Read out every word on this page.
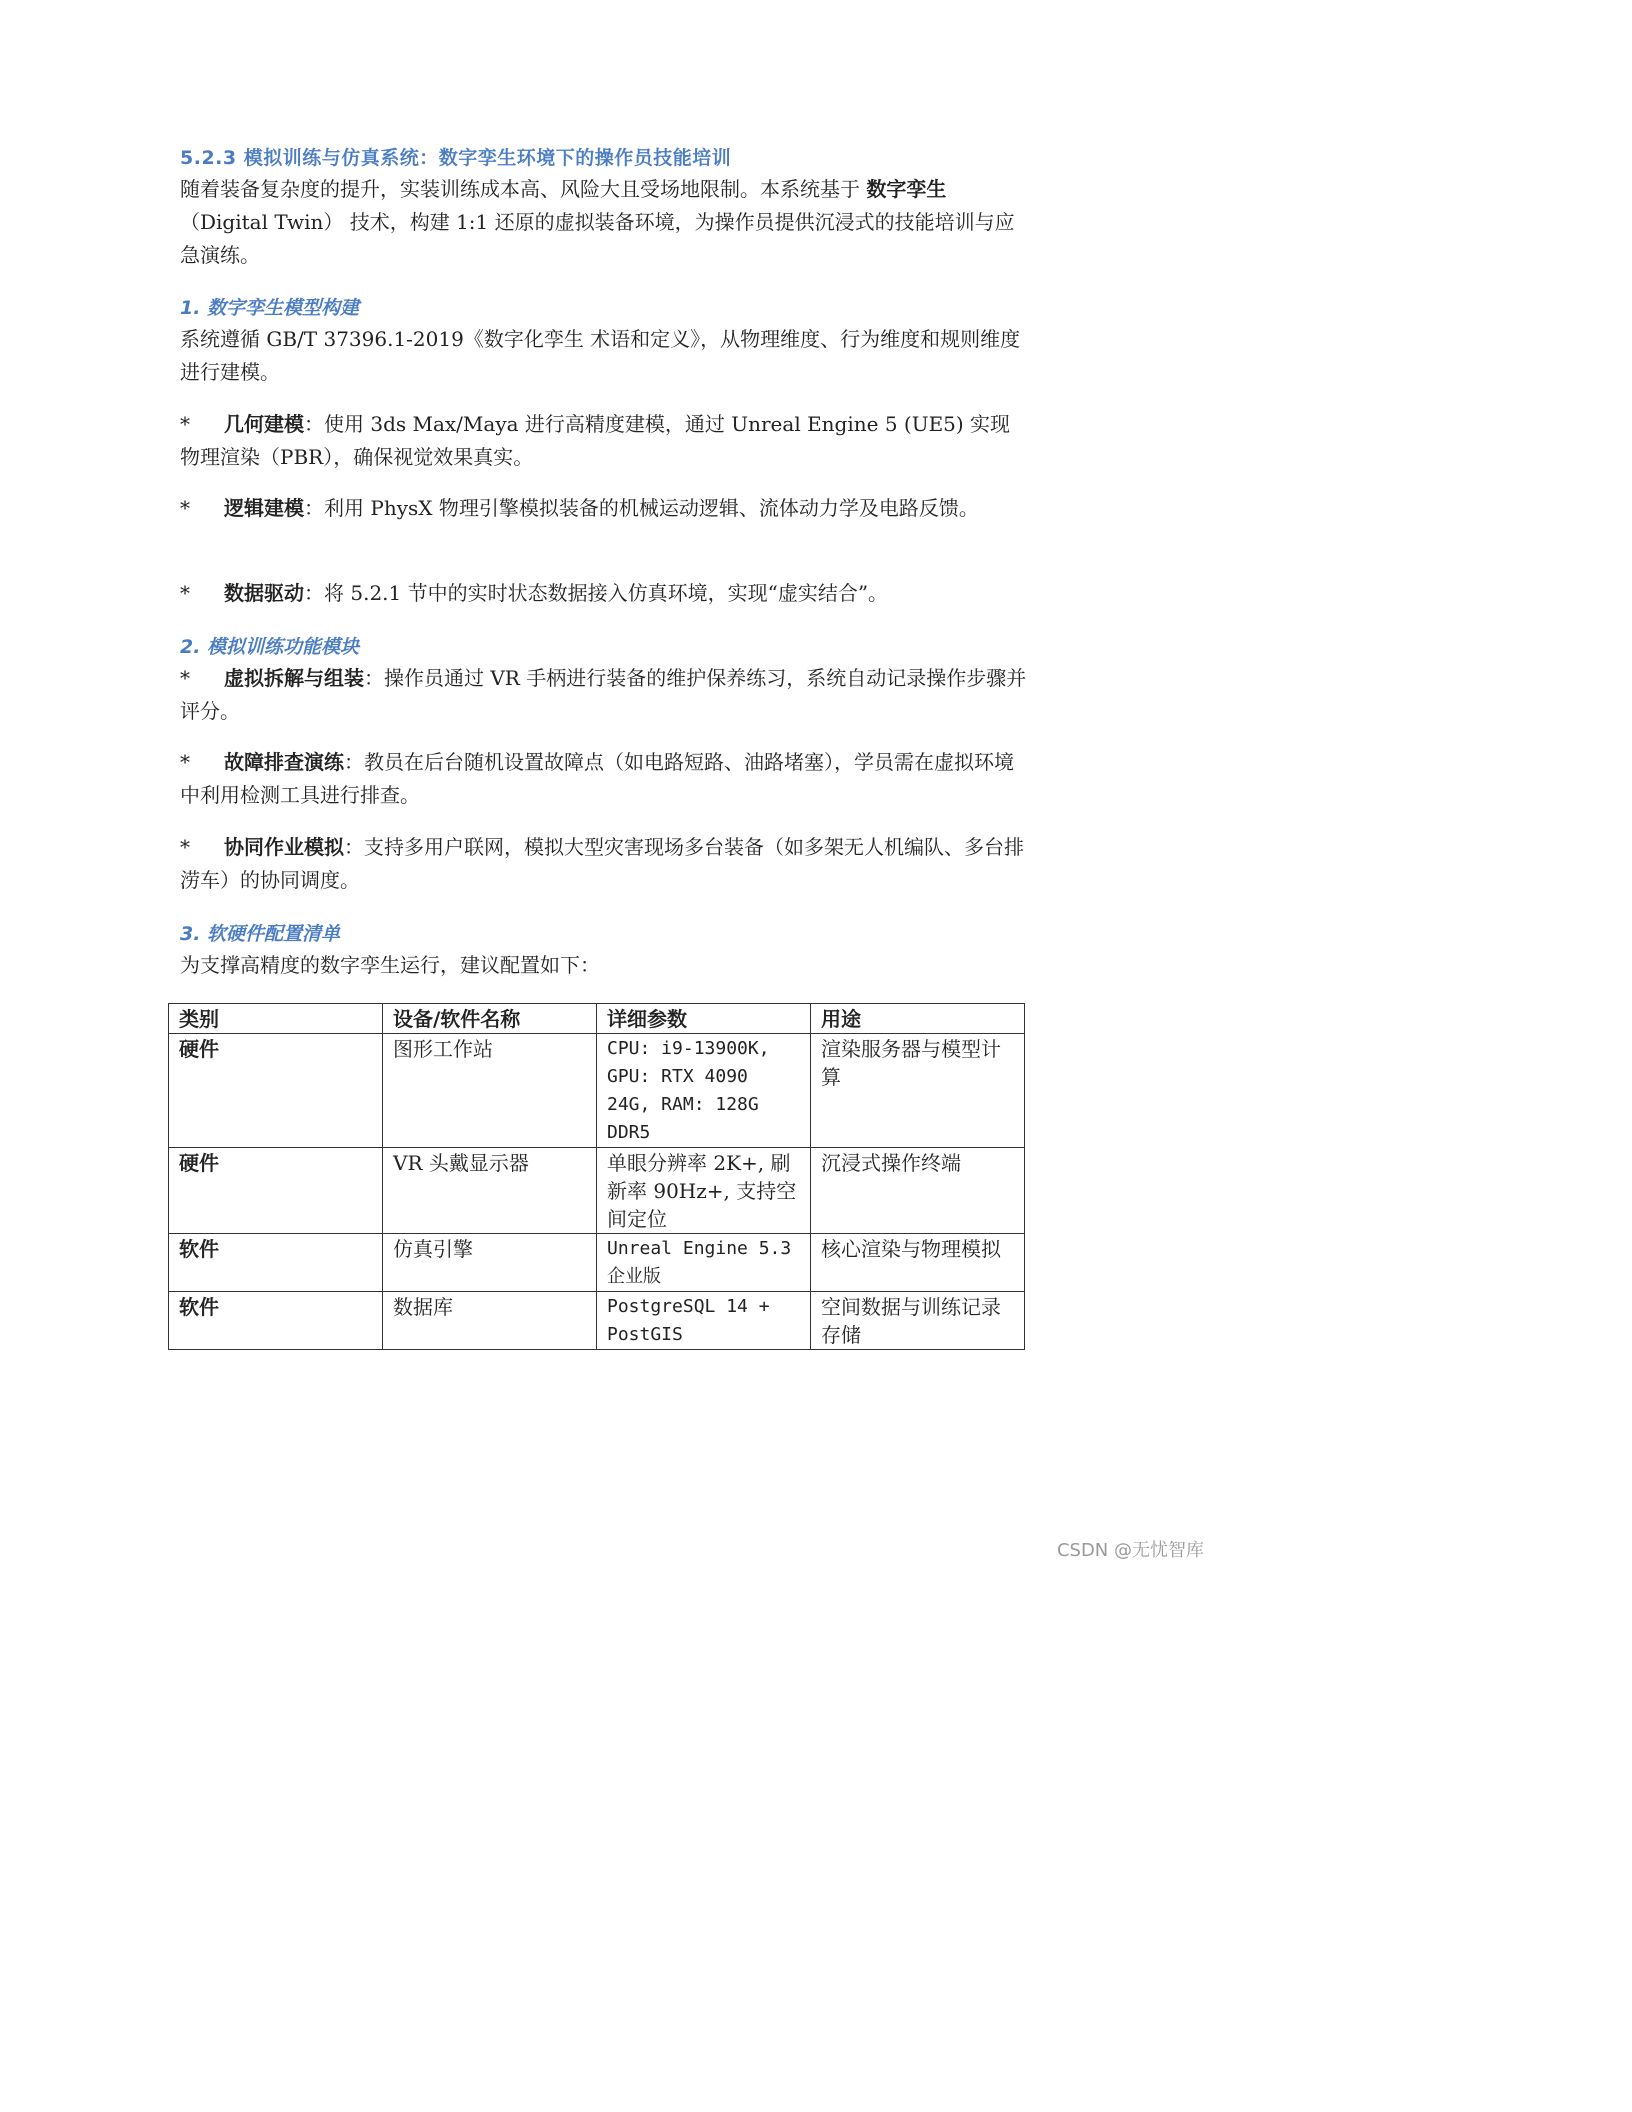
5.2.3 模拟训练与仿真系统：数字孪生环境下的操作员技能培训

随着装备复杂度的提升，实装训练成本高、风险大且受场地限制。本系统基于 数字孪生（Digital Twin） 技术，构建 1:1 还原的虚拟装备环境，为操作员提供沉浸式的技能培训与应急演练。

1. 数字孪生模型构建

系统遵循 GB/T 37396.1-2019《数字化孪生 术语和定义》，从物理维度、行为维度和规则维度进行建模。

* 几何建模：使用 3ds Max/Maya 进行高精度建模，通过 Unreal Engine 5 (UE5) 实现物理渲染（PBR），确保视觉效果真实。

* 逻辑建模：利用 PhysX 物理引擎模拟装备的机械运动逻辑、流体动力学及电路反馈。

* 数据驱动：将 5.2.1 节中的实时状态数据接入仿真环境，实现“虚实结合”。

2. 模拟训练功能模块

* 虚拟拆解与组装：操作员通过 VR 手柄进行装备的维护保养练习，系统自动记录操作步骤并评分。

* 故障排查演练：教员在后台随机设置故障点（如电路短路、油路堵塞），学员需在虚拟环境中利用检测工具进行排查。

* 协同作业模拟：支持多用户联网，模拟大型灾害现场多台装备（如多架无人机编队、多台排涝车）的协同调度。

3. 软硬件配置清单

为支撑高精度的数字孪生运行，建议配置如下：

类别	设备/软件名称	详细参数	用途
硬件	图形工作站	CPU: i9-13900K, GPU: RTX 4090 24G, RAM: 128G DDR5	渲染服务器与模型计算
硬件	VR 头戴显示器	单眼分辨率 2K+, 刷新率 90Hz+, 支持空间定位	沉浸式操作终端
软件	仿真引擎	Unreal Engine 5.3 企业版	核心渲染与物理模拟
软件	数据库	PostgreSQL 14 + PostGIS	空间数据与训练记录存储
CSDN @无忧智库
